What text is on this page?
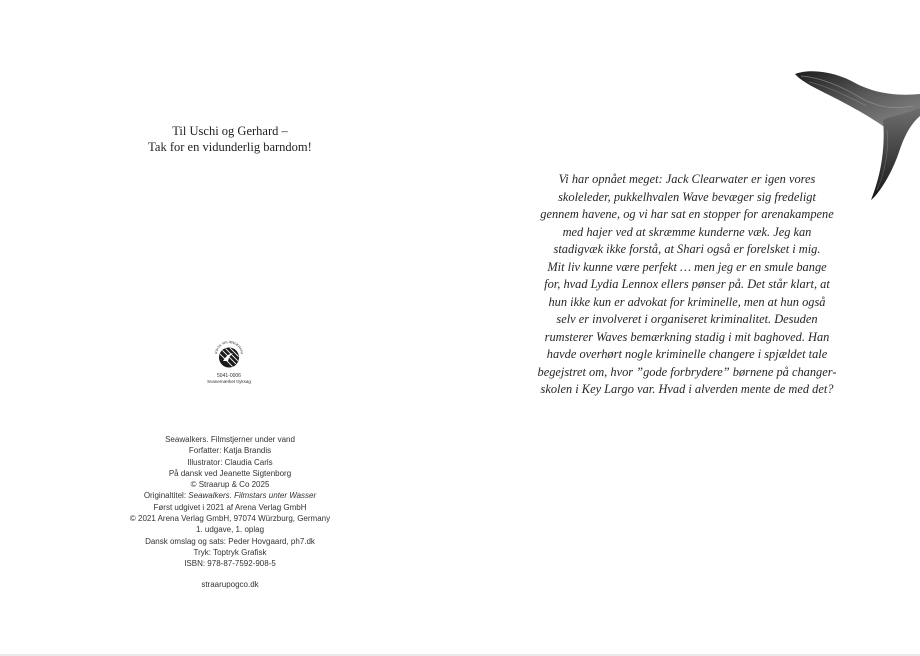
Til Uschi og Gerhard –
Tak for en vidunderlig barndom!
RDISK MILJØMÆRKNI
5041-0006
Svanemærket tryksag
Seawalkers. Filmstjerner under vand
Forfatter: Katja Brandis
Illustrator: Claudia Carls
På dansk ved Jeanette Sigtenborg
© Straarup & Co 2025
Originaltitel: Seawalkers. Filmstars unter Wasser
Først udgivet i 2021 af Arena Verlag GmbH
© 2021 Arena Verlag GmbH, 97074 Würzburg, Germany
1. udgave, 1. oplag
Dansk omslag og sats: Peder Hovgaard, ph7.dk
Tryk: Toptryk Grafisk
ISBN: 978-87-7592-908-5
straarupogco.dk
Vi har opnået meget: Jack Clearwater er igen vores
skoleleder, pukkelhvalen Wave bevæger sig fredeligt
gennem havene, og vi har sat en stopper for arenakampene
med hajer ved at skræmme kunderne væk. Jeg kan
stadigvæk ikke forstå, at Shari også er forelsket i mig.
Mit liv kunne være perfekt … men jeg er en smule bange
for, hvad Lydia Lennox ellers pønser på. Det står klart, at
hun ikke kun er advokat for kriminelle, men at hun også
selv er involveret i organiseret kriminalitet. Desuden
rumsterer Waves bemærkning stadig i mit baghoved. Han
havde overhørt nogle kriminelle changere i spjældet tale
begejstret om, hvor ”gode forbrydere” børnene på changer-
skolen i Key Largo var. Hvad i alverden mente de med det?
